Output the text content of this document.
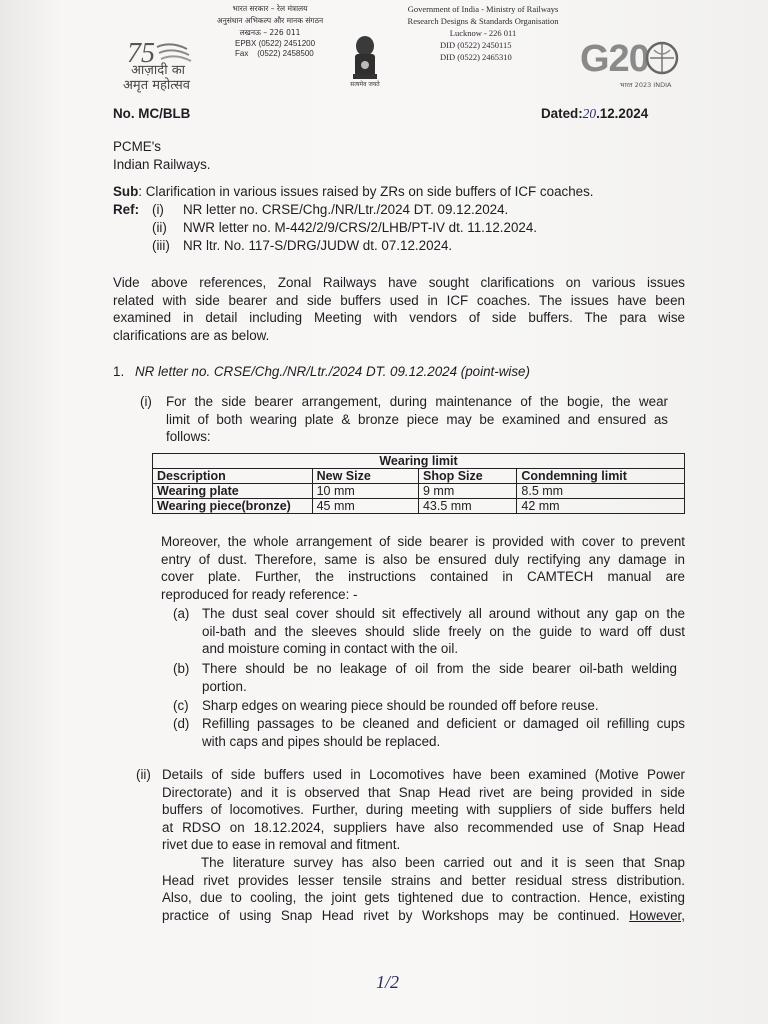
75
आज़ादी का
अमृत महोत्सव
भारत सरकार – रेल मंत्रालय
अनुसंधान अभिकल्प और मानक संगठन
लखनऊ – 226 011
EPBX (0522) 2451200
Fax    (0522) 2458500
सत्यमेव जयते
Government of India - Ministry of Railways
Research Designs & Standards Organisation
Lucknow - 226 011
DID (0522) 2450115
DID (0522) 2465310	G20
भारत 2023 INDIA
No. MC/BLB	Dated:20.12.2024
PCME's
Indian Railways.
Sub: Clarification in various issues raised by ZRs on side buffers of ICF coaches.
Ref: (i) NR letter no. CRSE/Chg./NR/Ltr./2024 DT. 09.12.2024.
(ii) NWR letter no. M-442/2/9/CRS/2/LHB/PT-IV dt. 11.12.2024.
(iii) NR ltr. No. 117-S/DRG/JUDW dt. 07.12.2024.

Vide above references, Zonal Railways have sought clarifications on various issues

related with side bearer and side buffers used in ICF coaches. The issues have been

examined in detail including Meeting with vendors of side buffers. The para wise

clarifications are as below.

1. NR letter no. CRSE/Chg./NR/Ltr./2024 DT. 09.12.2024 (point-wise)
(i) For the side bearer arrangement, during maintenance of the bogie, the wear

limit of both wearing plate & bronze piece may be examined and ensured as

follows:

Wearing limit			
Description	New Size	Shop Size	Condemning limit
Wearing plate	10 mm	9 mm	8.5 mm
Wearing piece(bronze)	45 mm	43.5 mm	42 mm

Moreover, the whole arrangement of side bearer is provided with cover to prevent

entry of dust. Therefore, same is also be ensured duly rectifying any damage in

cover plate. Further, the instructions contained in CAMTECH manual are

reproduced for ready reference: -

(a) The dust seal cover should sit effectively all around without any gap on the

oil-bath and the sleeves should slide freely on the guide to ward off dust

and moisture coming in contact with the oil.

(b) There should be no leakage of oil from the side bearer oil-bath welding

portion.

(c) Sharp edges on wearing piece should be rounded off before reuse.
(d) Refilling passages to be cleaned and deficient or damaged oil refilling cups

with caps and pipes should be replaced.

(ii) Details of side buffers used in Locomotives have been examined (Motive Power

Directorate) and it is observed that Snap Head rivet are being provided in side

buffers of locomotives. Further, during meeting with suppliers of side buffers held

at RDSO on 18.12.2024, suppliers have also recommended use of Snap Head

rivet due to ease in removal and fitment.

The literature survey has also been carried out and it is seen that Snap

Head rivet provides lesser tensile strains and better residual stress distribution.

Also, due to cooling, the joint gets tightened due to contraction. Hence, existing

practice of using Snap Head rivet by Workshops may be continued. However,

1/2
